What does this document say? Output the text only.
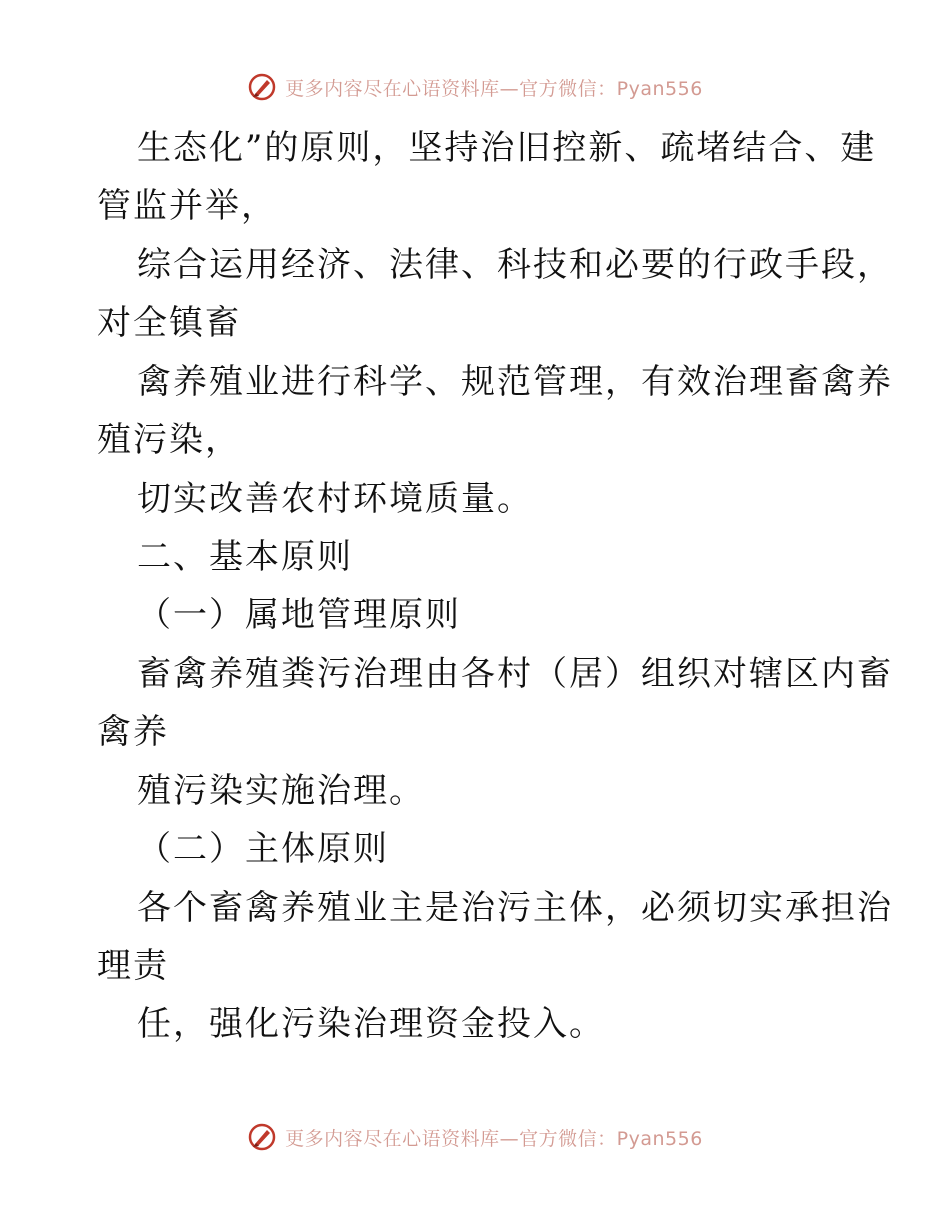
更多内容尽在心语资料库—官方微信：Pyan556
生态化”的原则，坚持治旧控新、疏堵结合、建
管监并举，
综合运用经济、法律、科技和必要的行政手段，
对全镇畜
禽养殖业进行科学、规范管理，有效治理畜禽养
殖污染，
切实改善农村环境质量。
二、基本原则
（一）属地管理原则
畜禽养殖粪污治理由各村（居）组织对辖区内畜
禽养
殖污染实施治理。
（二）主体原则
各个畜禽养殖业主是治污主体，必须切实承担治
理责
任，强化污染治理资金投入。
更多内容尽在心语资料库—官方微信：Pyan556
